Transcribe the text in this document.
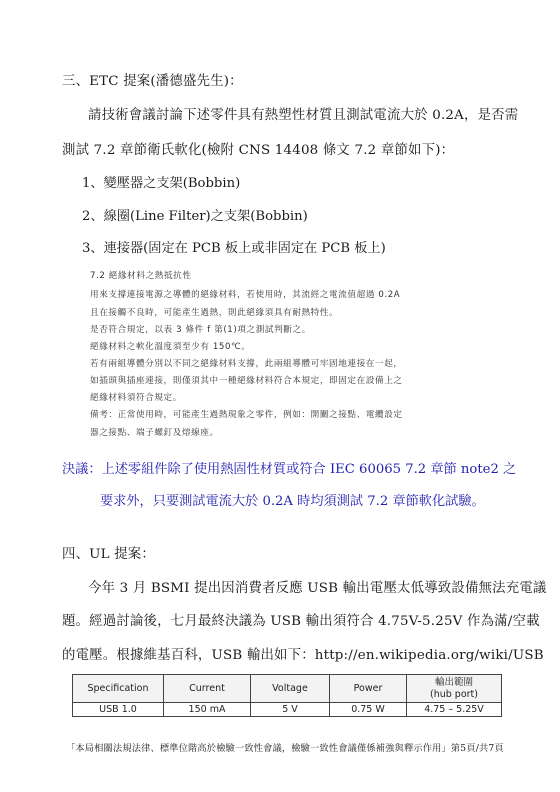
三、ETC 提案(潘德盛先生)：
請技術會議討論下述零件具有熱塑性材質且測試電流大於 0.2A，是否需
測試 7.2 章節衛氏軟化(檢附 CNS 14408 條文 7.2 章節如下)：
1、變壓器之支架(Bobbin)
2、線圈(Line Filter)之支架(Bobbin)
3、連接器(固定在 PCB 板上或非固定在 PCB 板上)
7.2 絕緣材料之熱抵抗性
用來支撐連接電源之導體的絕緣材料，若使用時，其流經之電流值超過 0.2A
且在接觸不良時，可能產生過熱，則此絕緣須具有耐熱特性。
是否符合規定，以表 3 條件 f 第(1)項之測試判斷之。
絕緣材料之軟化溫度須至少有 150℃。
若有兩組導體分別以不同之絕緣材料支撐，此兩組導體可牢固地連接在一起，
如插頭與插座連接，則僅須其中一種絕緣材料符合本規定，即固定在設備上之
絕緣材料須符合規定。
備考：正常使用時，可能產生過熱現象之零件，例如：開關之接點、電纜設定
器之接點、端子螺釘及熔線座。
決議：上述零組件除了使用熱固性材質或符合 IEC 60065 7.2 章節 note2 之
要求外，只要測試電流大於 0.2A 時均須測試 7.2 章節軟化試驗。
四、UL 提案：
今年 3 月 BSMI 提出因消費者反應 USB 輸出電壓太低導致設備無法充電議
題。經過討論後，七月最終決議為 USB 輸出須符合 4.75V-5.25V 作為滿/空載
的電壓。根據維基百科，USB 輸出如下：http://en.wikipedia.org/wiki/USB
Specification	Current	Voltage	Power	輸出範圍
(hub port)

USB 1.0	150 mA	5 V	0.75 W	4.75 – 5.25V
「本局相關法規法律、標準位階高於檢驗一致性會議，檢驗一致性會議僅係補強與釋示作用」第5頁/共7頁
